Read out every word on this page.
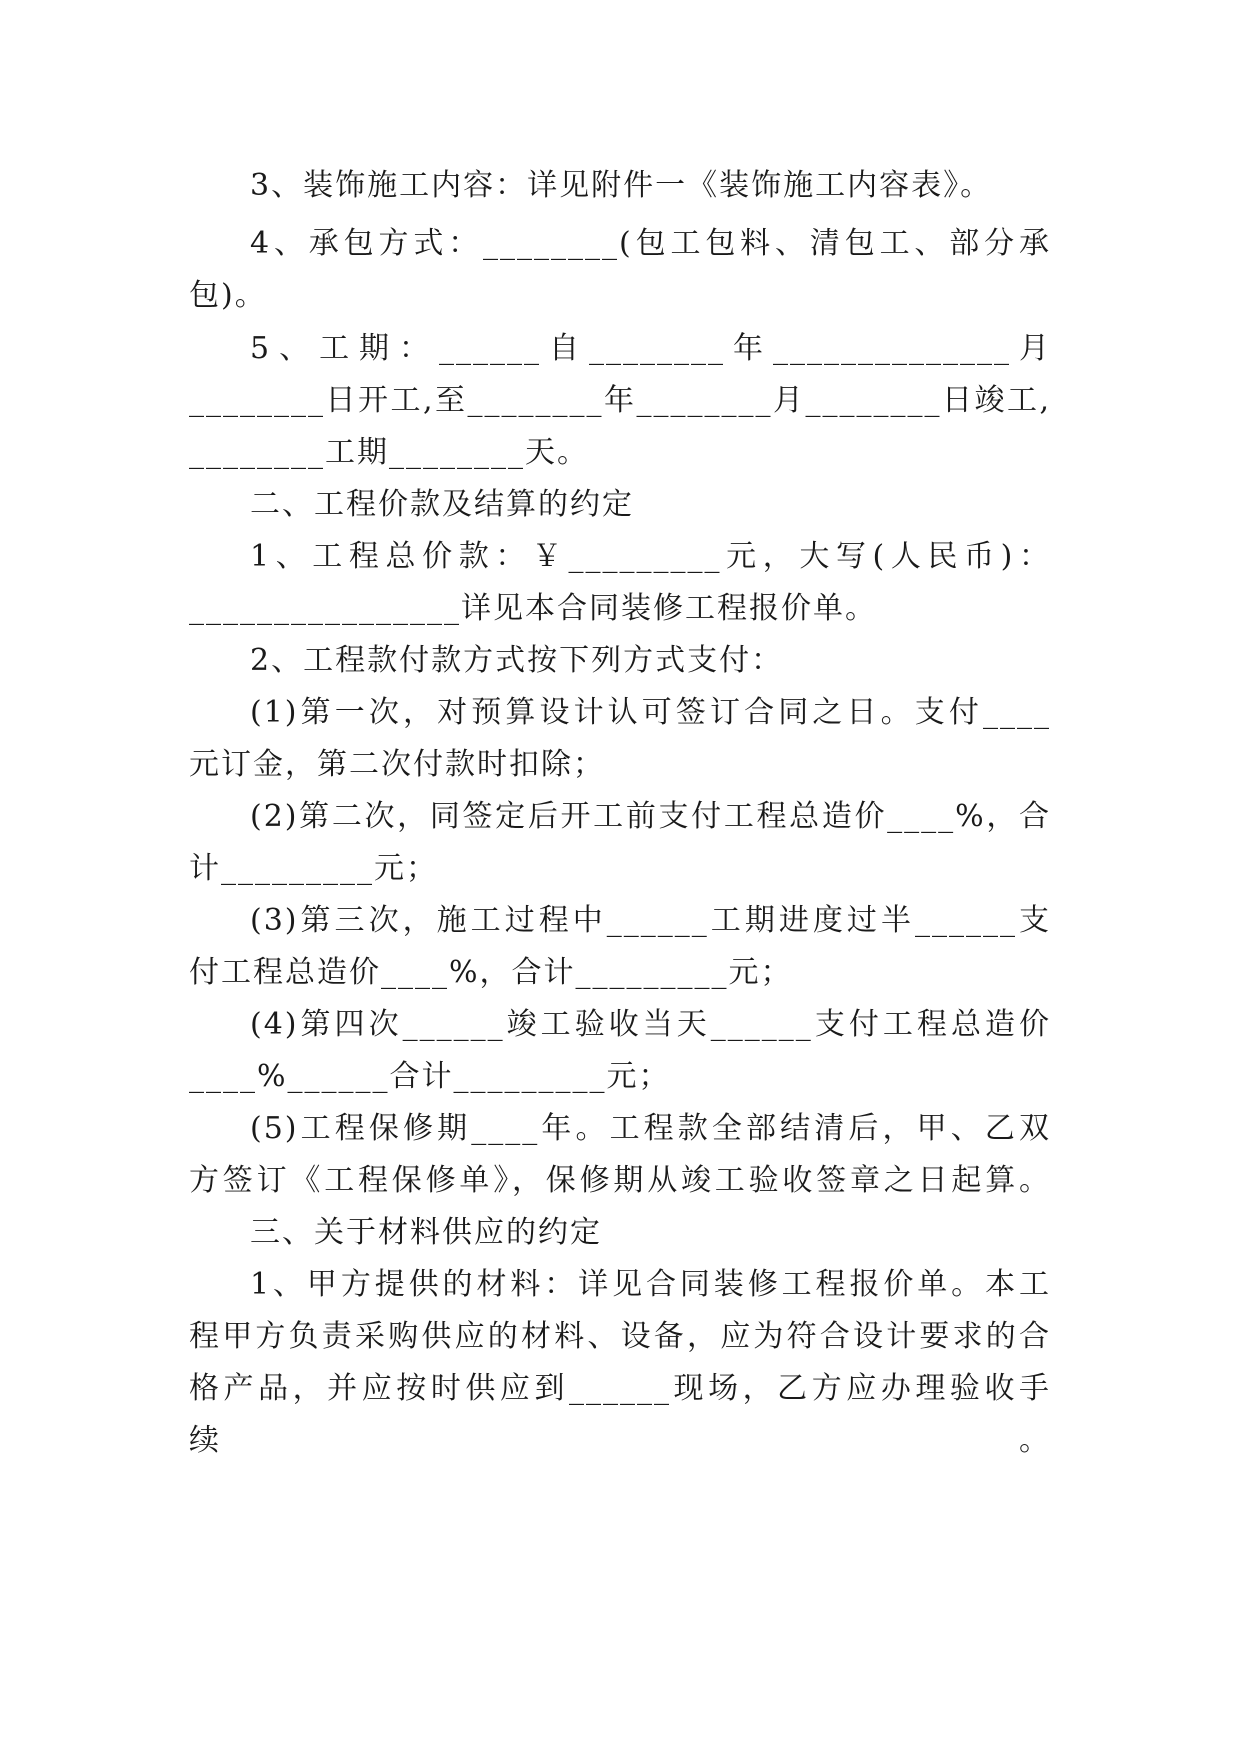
3、装饰施工内容：详见附件一《装饰施工内容表》。
4、承包方式：________(包工包料、清包工、部分承
包)。
5、工期：______自________年______________月
________日开工,至________年________月________日竣工,
________工期________天。
二、工程价款及结算的约定
1、工程总价款：￥_________元，大写(人民币)：
________________详见本合同装修工程报价单。
2、工程款付款方式按下列方式支付：
(1)第一次，对预算设计认可签订合同之日。支付____
元订金，第二次付款时扣除；
(2)第二次，同签定后开工前支付工程总造价____%，合
计_________元；
(3)第三次，施工过程中______工期进度过半______支
付工程总造价____%，合计_________元；
(4)第四次______竣工验收当天______支付工程总造价
____%______合计_________元；
(5)工程保修期____年。工程款全部结清后，甲、乙双
方签订《工程保修单》，保修期从竣工验收签章之日起算。
三、关于材料供应的约定
1、甲方提供的材料：详见合同装修工程报价单。本工
程甲方负责采购供应的材料、设备，应为符合设计要求的合
格产品，并应按时供应到______现场，乙方应办理验收手续。
